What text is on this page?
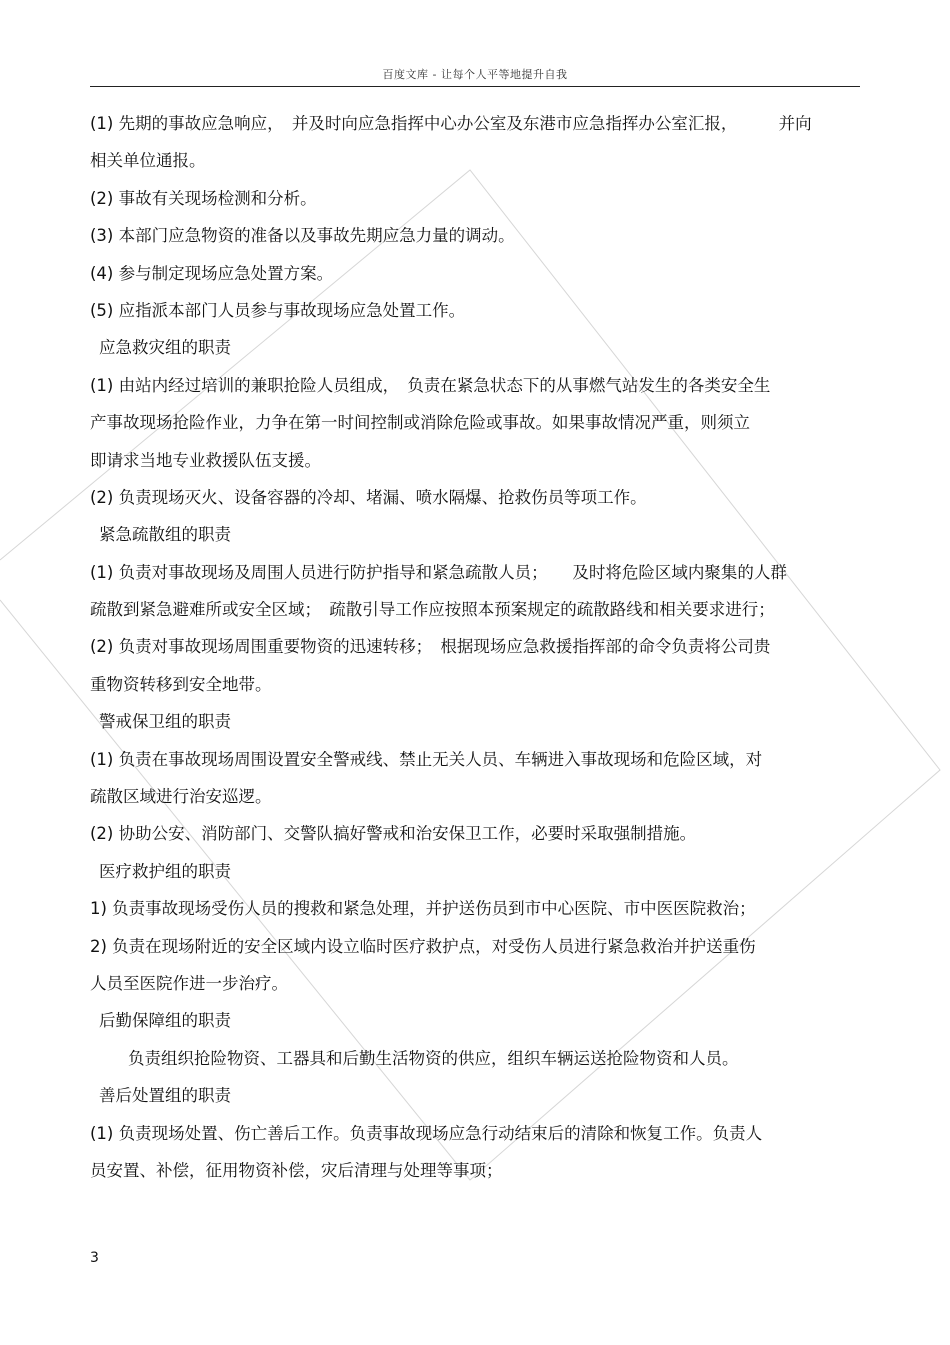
百度文库 - 让每个人平等地提升自我
(1) 先期的事故应急响应，　并及时向应急指挥中心办公室及东港市应急指挥办公室汇报，　　　并向
相关单位通报。
(2) 事故有关现场检测和分析。
(3) 本部门应急物资的准备以及事故先期应急力量的调动。
(4) 参与制定现场应急处置方案。
(5) 应指派本部门人员参与事故现场应急处置工作。
应急救灾组的职责
(1) 由站内经过培训的兼职抢险人员组成，　负责在紧急状态下的从事燃气站发生的各类安全生
产事故现场抢险作业，力争在第一时间控制或消除危险或事故。如果事故情况严重，则须立
即请求当地专业救援队伍支援。
(2) 负责现场灭火、设备容器的冷却、堵漏、喷水隔爆、抢救伤员等项工作。
紧急疏散组的职责
(1) 负责对事故现场及周围人员进行防护指导和紧急疏散人员；　　及时将危险区域内聚集的人群
疏散到紧急避难所或安全区域；　疏散引导工作应按照本预案规定的疏散路线和相关要求进行；
(2) 负责对事故现场周围重要物资的迅速转移；　根据现场应急救援指挥部的命令负责将公司贵
重物资转移到安全地带。
警戒保卫组的职责
(1) 负责在事故现场周围设置安全警戒线、禁止无关人员、车辆进入事故现场和危险区域，对
疏散区域进行治安巡逻。
(2) 协助公安、消防部门、交警队搞好警戒和治安保卫工作，必要时采取强制措施。
医疗救护组的职责
1) 负责事故现场受伤人员的搜救和紧急处理，并护送伤员到市中心医院、市中医医院救治；
2) 负责在现场附近的安全区域内设立临时医疗救护点，对受伤人员进行紧急救治并护送重伤
人员至医院作进一步治疗。
后勤保障组的职责
负责组织抢险物资、工器具和后勤生活物资的供应，组织车辆运送抢险物资和人员。
善后处置组的职责
(1) 负责现场处置、伤亡善后工作。负责事故现场应急行动结束后的清除和恢复工作。负责人
员安置、补偿，征用物资补偿，灾后清理与处理等事项；
3
